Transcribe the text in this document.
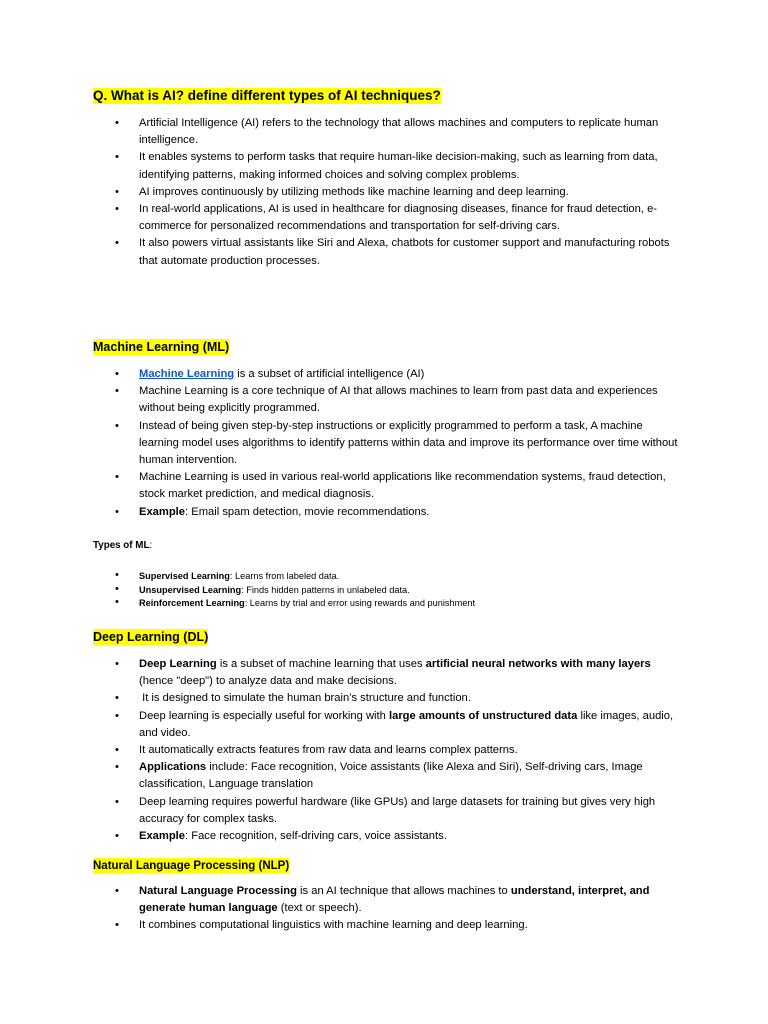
Q. What is AI? define different types of AI techniques?
• Artificial Intelligence (AI) refers to the technology that allows machines and computers to replicate human intelligence.
• It enables systems to perform tasks that require human-like decision-making, such as learning from data, identifying patterns, making informed choices and solving complex problems.
• AI improves continuously by utilizing methods like machine learning and deep learning.
• In real-world applications, AI is used in healthcare for diagnosing diseases, finance for fraud detection, e-commerce for personalized recommendations and transportation for self-driving cars.
• It also powers virtual assistants like Siri and Alexa, chatbots for customer support and manufacturing robots that automate production processes.
Machine Learning (ML)
• Machine Learning is a subset of artificial intelligence (AI)
• Machine Learning is a core technique of AI that allows machines to learn from past data and experiences without being explicitly programmed.
• Instead of being given step-by-step instructions or explicitly programmed to perform a task, A machine learning model uses algorithms to identify patterns within data and improve its performance over time without human intervention.
• Machine Learning is used in various real-world applications like recommendation systems, fraud detection, stock market prediction, and medical diagnosis.
• Example: Email spam detection, movie recommendations.
Types of ML:
• Supervised Learning: Learns from labeled data.
• Unsupervised Learning: Finds hidden patterns in unlabeled data.
• Reinforcement Learning: Learns by trial and error using rewards and punishment
Deep Learning (DL)
• Deep Learning is a subset of machine learning that uses artificial neural networks with many layers (hence "deep") to analyze data and make decisions.
•  It is designed to simulate the human brain’s structure and function.
• Deep learning is especially useful for working with large amounts of unstructured data like images, audio, and video.
• It automatically extracts features from raw data and learns complex patterns.
• Applications include: Face recognition, Voice assistants (like Alexa and Siri), Self-driving cars, Image classification, Language translation
• Deep learning requires powerful hardware (like GPUs) and large datasets for training but gives very high accuracy for complex tasks.
• Example: Face recognition, self-driving cars, voice assistants.
Natural Language Processing (NLP)
• Natural Language Processing is an AI technique that allows machines to understand, interpret, and generate human language (text or speech).
• It combines computational linguistics with machine learning and deep learning.
